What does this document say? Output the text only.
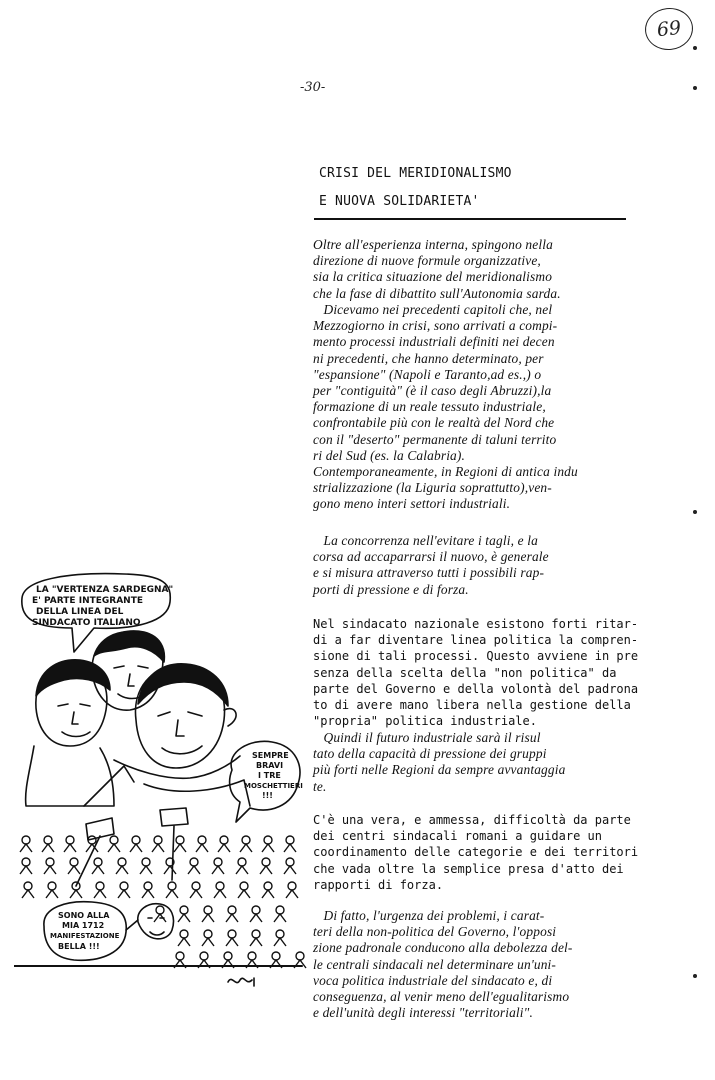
69
-30-
CRISI DEL MERIDIONALISMO
E NUOVA SOLIDARIETA'

Oltre all'esperienza interna, spingono nella

direzione di nuove formule organizzative,

sia la critica situazione del meridionalismo

che la fase di dibattito sull'Autonomia sarda.

Dicevamo nei precedenti capitoli che, nel

Mezzogiorno in crisi, sono arrivati a compi-

mento processi industriali definiti nei decen

ni precedenti, che hanno determinato, per

"espansione" (Napoli e Taranto,ad es.,) o

per "contiguità" (è il caso degli Abruzzi),la

formazione di un reale tessuto industriale,

confrontabile più con le realtà del Nord che

con il "deserto" permanente di taluni territo

ri del Sud (es. la Calabria).

Contemporaneamente, in Regioni di antica indu

strializzazione (la Liguria soprattutto),ven-

gono meno interi settori industriali.

La concorrenza nell'evitare i tagli, e la

corsa ad accaparrarsi il nuovo, è generale

e si misura attraverso tutti i possibili rap-

porti di pressione e di forza.

Nel sindacato nazionale esistono forti ritar-

di a far diventare linea politica la compren-

sione di tali processi. Questo avviene in pre

senza della scelta della "non politica" da

parte del Governo e della volontà del padrona

to di avere mano libera nella gestione della

"propria" politica industriale.

Quindi il futuro industriale sarà il risul

tato della capacità di pressione dei gruppi

più forti nelle Regioni da sempre avvantaggia

te.

C'è una vera, e ammessa, difficoltà da parte

dei centri sindacali romani a guidare un

coordinamento delle categorie e dei territori

che vada oltre la semplice presa d'atto dei

rapporti di forza.

Di fatto, l'urgenza dei problemi, i carat-

teri della non-politica del Governo, l'opposi

zione padronale conducono alla debolezza del-

le centrali sindacali nel determinare un'uni-

voca politica industriale del sindacato e, di

conseguenza, al venir meno dell'egualitarismo

e dell'unità degli interessi "territoriali".

LA "VERTENZA SARDEGNA"
E' PARTE INTEGRANTE
DELLA LINEA DEL
SINDACATO ITALIANO
SEMPRE
BRAVI
I TRE
MOSCHETTIERI
!!!
SONO ALLA
MIA 1712
MANIFESTAZIONE
BELLA !!!
